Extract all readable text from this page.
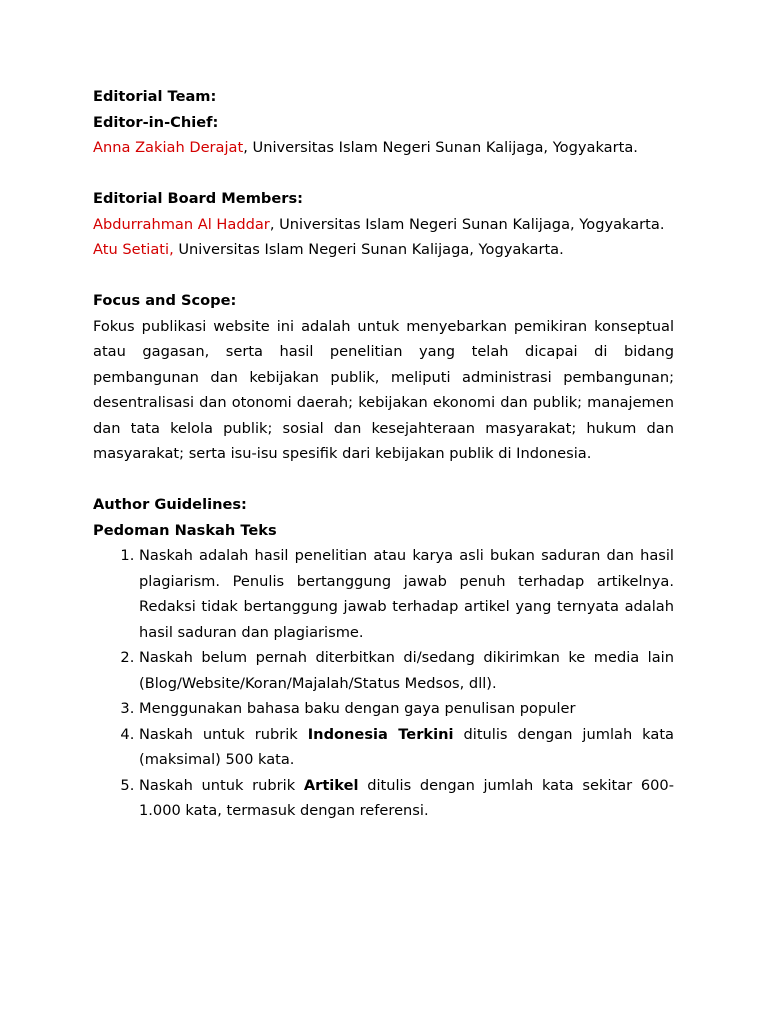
Editorial Team:

Editor-in-Chief:

Anna Zakiah Derajat, Universitas Islam Negeri Sunan Kalijaga, Yogyakarta.

Editorial Board Members:

Abdurrahman Al Haddar, Universitas Islam Negeri Sunan Kalijaga, Yogyakarta.

Atu Setiati, Universitas Islam Negeri Sunan Kalijaga, Yogyakarta.

Focus and Scope:

Fokus publikasi website ini adalah untuk menyebarkan pemikiran konseptual atau gagasan, serta hasil penelitian yang telah dicapai di bidang pembangunan dan kebijakan publik, meliputi administrasi pembangunan; desentralisasi dan otonomi daerah; kebijakan ekonomi dan publik; manajemen dan tata kelola publik; sosial dan kesejahteraan masyarakat; hukum dan masyarakat; serta isu-isu spesifik dari kebijakan publik di Indonesia.

Author Guidelines:

Pedoman Naskah Teks

1. Naskah adalah hasil penelitian atau karya asli bukan saduran dan hasil plagiarism. Penulis bertanggung jawab penuh terhadap artikelnya. Redaksi tidak bertanggung jawab terhadap artikel yang ternyata adalah hasil saduran dan plagiarisme.
2. Naskah belum pernah diterbitkan di/sedang dikirimkan ke media lain (Blog/Website/Koran/Majalah/Status Medsos, dll).
3. Menggunakan bahasa baku dengan gaya penulisan populer
4. Naskah untuk rubrik Indonesia Terkini ditulis dengan jumlah kata (maksimal) 500 kata.
5. Naskah untuk rubrik Artikel ditulis dengan jumlah kata sekitar 600-1.000 kata, termasuk dengan referensi.
